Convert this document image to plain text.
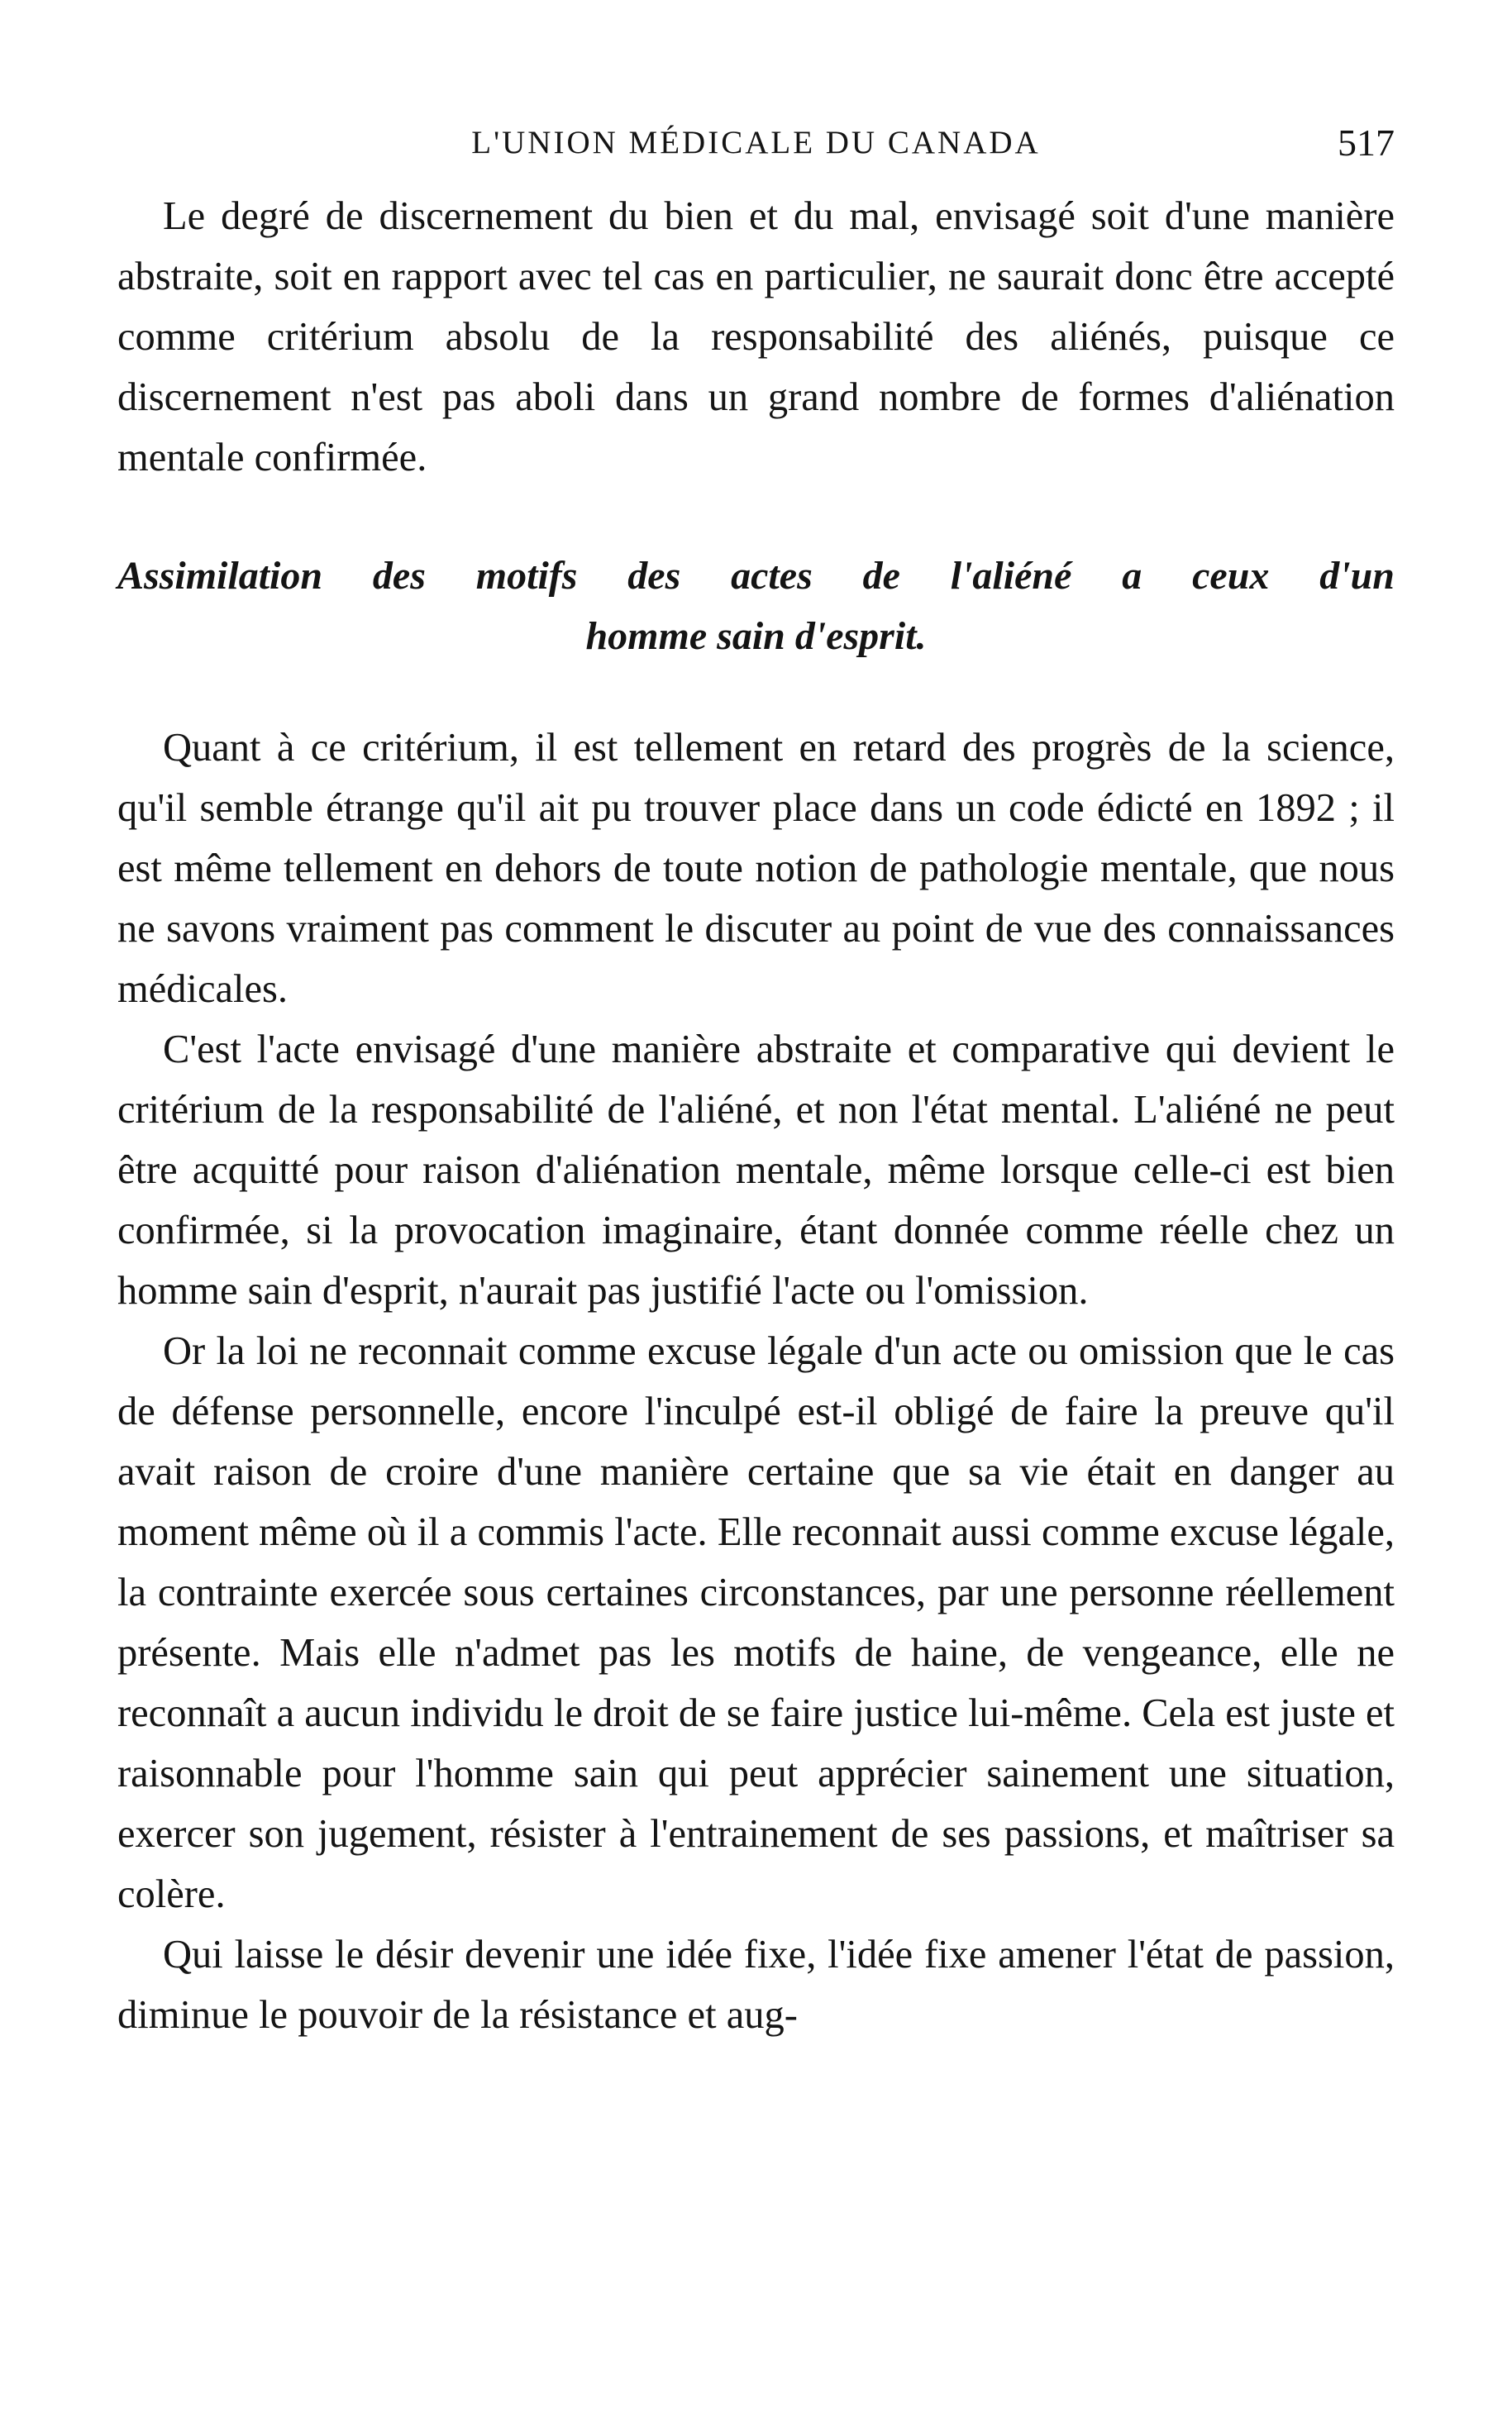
L'UNION MÉDICALE DU CANADA	517

Le degré de discernement du bien et du mal, envisagé soit d'une manière abstraite, soit en rapport avec tel cas en particulier, ne saurait donc être accepté comme critérium absolu de la responsabilité des aliénés, puisque ce discernement n'est pas aboli dans un grand nombre de formes d'aliénation mentale confirmée.

Assimilation des motifs des actes de l'aliéné a ceux d'un
homme sain d'esprit.

Quant à ce critérium, il est tellement en retard des progrès de la science, qu'il semble étrange qu'il ait pu trouver place dans un code édicté en 1892 ; il est même tellement en dehors de toute notion de pathologie mentale, que nous ne savons vraiment pas comment le discuter au point de vue des connaissances médicales.

C'est l'acte envisagé d'une manière abstraite et comparative qui devient le critérium de la responsabilité de l'aliéné, et non l'état mental. L'aliéné ne peut être acquitté pour raison d'aliénation mentale, même lorsque celle-ci est bien confirmée, si la provocation imaginaire, étant donnée comme réelle chez un homme sain d'esprit, n'aurait pas justifié l'acte ou l'omission.

Or la loi ne reconnait comme excuse légale d'un acte ou omission que le cas de défense personnelle, encore l'inculpé est-il obligé de faire la preuve qu'il avait raison de croire d'une manière certaine que sa vie était en danger au moment même où il a commis l'acte. Elle reconnait aussi comme excuse légale, la contrainte exercée sous certaines circonstances, par une personne réellement présente. Mais elle n'admet pas les motifs de haine, de vengeance, elle ne reconnaît a aucun individu le droit de se faire justice lui-même. Cela est juste et raisonnable pour l'homme sain qui peut apprécier sainement une situation, exercer son jugement, résister à l'entrainement de ses passions, et maîtriser sa colère.

Qui laisse le désir devenir une idée fixe, l'idée fixe amener l'état de passion, diminue le pouvoir de la résistance et aug-
